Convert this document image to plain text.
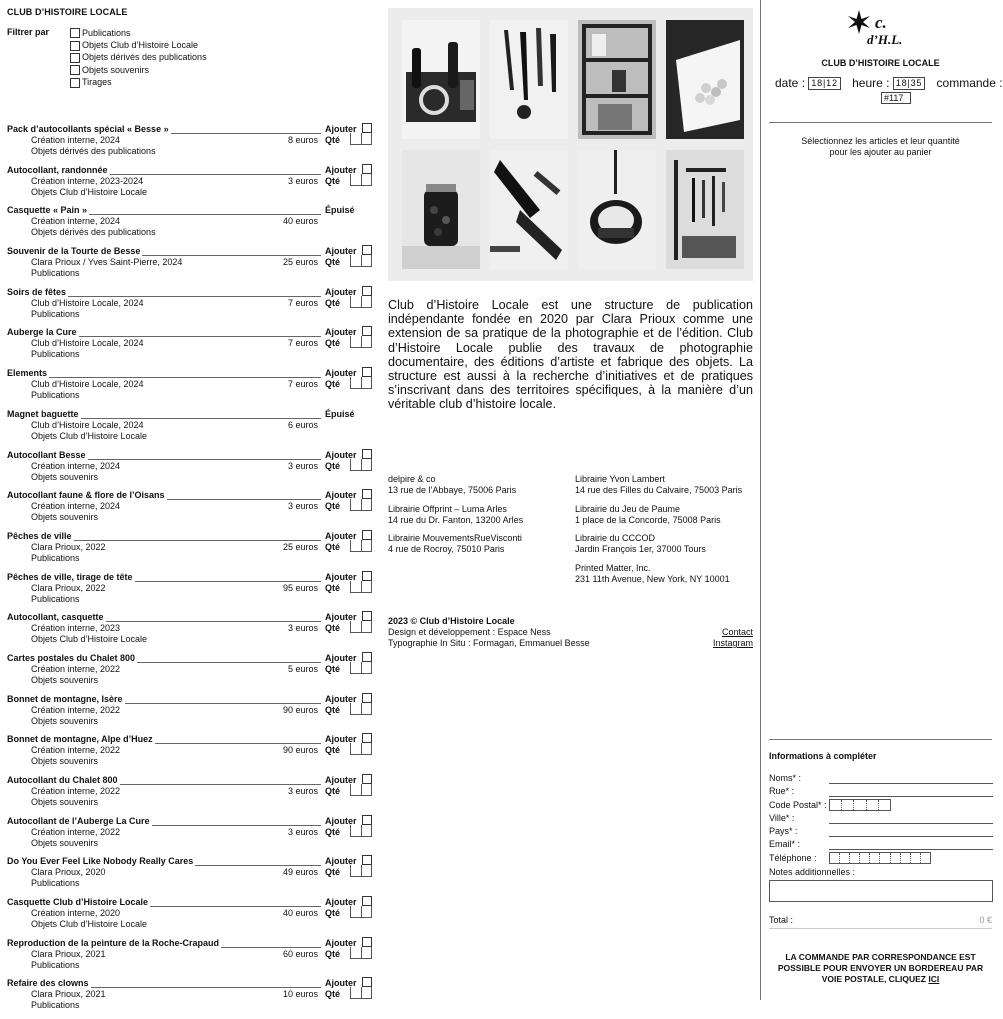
CLUB D’HISTOIRE LOCALE
Filtrer par	Publications
Objets Club d’Histoire Locale
Objets dérivés des publications
Objets souvenirs
Tirages
Pack d’autocollants spécial « Besse »	Ajouter
Création interne, 2024	8 euros Qté
Objets dérivés des publications
Autocollant, randonnée	Ajouter
Création interne, 2023-2024	3 euros Qté
Objets Club d’Histoire Locale
Casquette « Pain »	Épuisé
Création interne, 2024	40 euros
Objets dérivés des publications
Souvenir de la Tourte de Besse	Ajouter
Clara Prioux / Yves Saint-Pierre, 2024	25 euros Qté
Publications
Soirs de fêtes	Ajouter
Club d’Histoire Locale, 2024	7 euros Qté
Publications
Auberge la Cure	Ajouter
Club d’Histoire Locale, 2024	7 euros Qté
Publications
Elements	Ajouter
Club d’Histoire Locale, 2024	7 euros Qté
Publications
Magnet baguette	Épuisé
Club d’Histoire Locale, 2024	6 euros
Objets Club d’Histoire Locale
Autocollant Besse	Ajouter
Création interne, 2024	3 euros Qté
Objets souvenirs
Autocollant faune & flore de l’Oisans	Ajouter
Création interne, 2024	3 euros Qté
Objets souvenirs
Pêches de ville	Ajouter
Clara Prioux, 2022	25 euros Qté
Publications
Pêches de ville, tirage de tête	Ajouter
Clara Prioux, 2022	95 euros Qté
Publications
Autocollant, casquette	Ajouter
Création interne, 2023	3 euros Qté
Objets Club d’Histoire Locale
Cartes postales du Chalet 800	Ajouter
Création interne, 2022	5 euros Qté
Objets souvenirs
Bonnet de montagne, Isère	Ajouter
Création interne, 2022	90 euros Qté
Objets souvenirs
Bonnet de montagne, Alpe d’Huez	Ajouter
Création interne, 2022	90 euros Qté
Objets souvenirs
Autocollant du Chalet 800	Ajouter
Création interne, 2022	3 euros Qté
Objets souvenirs
Autocollant de l’Auberge La Cure	Ajouter
Création interne, 2022	3 euros Qté
Objets souvenirs
Do You Ever Feel Like Nobody Really Cares	Ajouter
Clara Prioux, 2020	49 euros Qté
Publications
Casquette Club d’Histoire Locale	Ajouter
Création interne, 2020	40 euros Qté
Objets Club d’Histoire Locale
Reproduction de la peinture de la Roche-Crapaud	Ajouter
Clara Prioux, 2021	60 euros Qté
Publications
Refaire des clowns	Ajouter
Clara Prioux, 2021	10 euros Qté
Publications

Club d’Histoire Locale est une structure de publication indépendante fondée en 2020 par Clara Prioux comme une extension de sa pratique de la photographie et de l’édition. Club d’Histoire Locale publie des travaux de photographie documentaire, des éditions d’artiste et fabrique des objets. La structure est aussi à la recherche d’initiatives et de pratiques s’inscrivant dans des territoires spécifiques, à la manière d’un véritable club d’histoire locale.

delpire & co
13 rue de l’Abbaye, 75006 Paris
Librairie Offprint – Luma Arles
14 rue du Dr. Fanton, 13200 Arles
Librairie MouvementsRueVisconti
4 rue de Rocroy, 75010 Paris
Librairie Yvon Lambert
14 rue des Filles du Calvaire, 75003 Paris
Librairie du Jeu de Paume
1 place de la Concorde, 75008 Paris
Librairie du CCCOD
Jardin François 1er, 37000 Tours
Printed Matter, Inc.
231 11th Avenue, New York, NY 10001
2023 © Club d’Histoire Locale
Design et développement : Espace Ness
Typographie In Situ : Formagari, Emmanuel Besse
Contact
Instagram
c.
d’H.L.
CLUB D’HISTOIRE LOCALE
date : 18|12 heure : 18|35 commande :
#117
Sélectionnez les articles et leur quantité pour les ajouter au panier
Informations à compléter
Noms* :
Rue* :
Code Postal* :
Ville* :
Pays* :
Email* :
Téléphone :
Notes additionnelles :
Total :	0 €
LA COMMANDE PAR CORRESPONDANCE EST POSSIBLE POUR ENVOYER UN BORDEREAU PAR VOIE POSTALE, CLIQUEZ ICI
